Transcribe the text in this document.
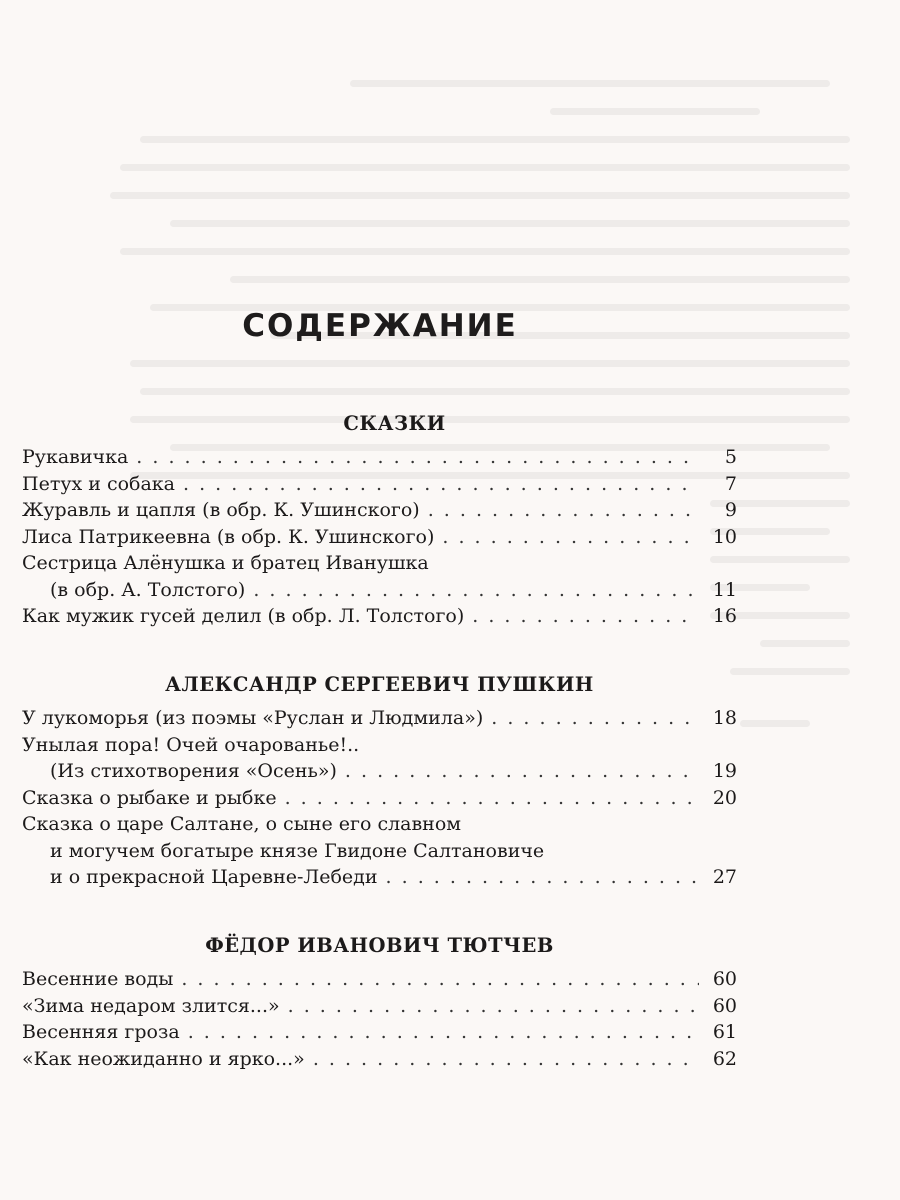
СОДЕРЖАНИЕ
СКАЗКИ
Рукавичка . . .	5
Петух и собака . . .	7
Журавль и цапля (в обр. К. Ушинского) . . .	9
Лиса Патрикеевна (в обр. К. Ушинского) . . .	10
Сестрица Алёнушка и братец Иванушка
(в обр. А. Толстого) . . .	11
Как мужик гусей делил (в обр. Л. Толстого) . . .	16
АЛЕКСАНДР СЕРГЕЕВИЧ ПУШКИН
У лукоморья (из поэмы «Руслан и Людмила») . . .	18
Унылая пора! Очей очарованье!..
(Из стихотворения «Осень») . . .	19
Сказка о рыбаке и рыбке . . .	20
Сказка о царе Салтане, о сыне его славном
и могучем богатыре князе Гвидоне Салтановиче
и о прекрасной Царевне-Лебеди . . .	27
ФЁДОР ИВАНОВИЧ ТЮТЧЕВ
Весенние воды . . .	60
«Зима недаром злится...» . . .	60
Весенняя гроза . . .	61
«Как неожиданно и ярко...» . . .	62
